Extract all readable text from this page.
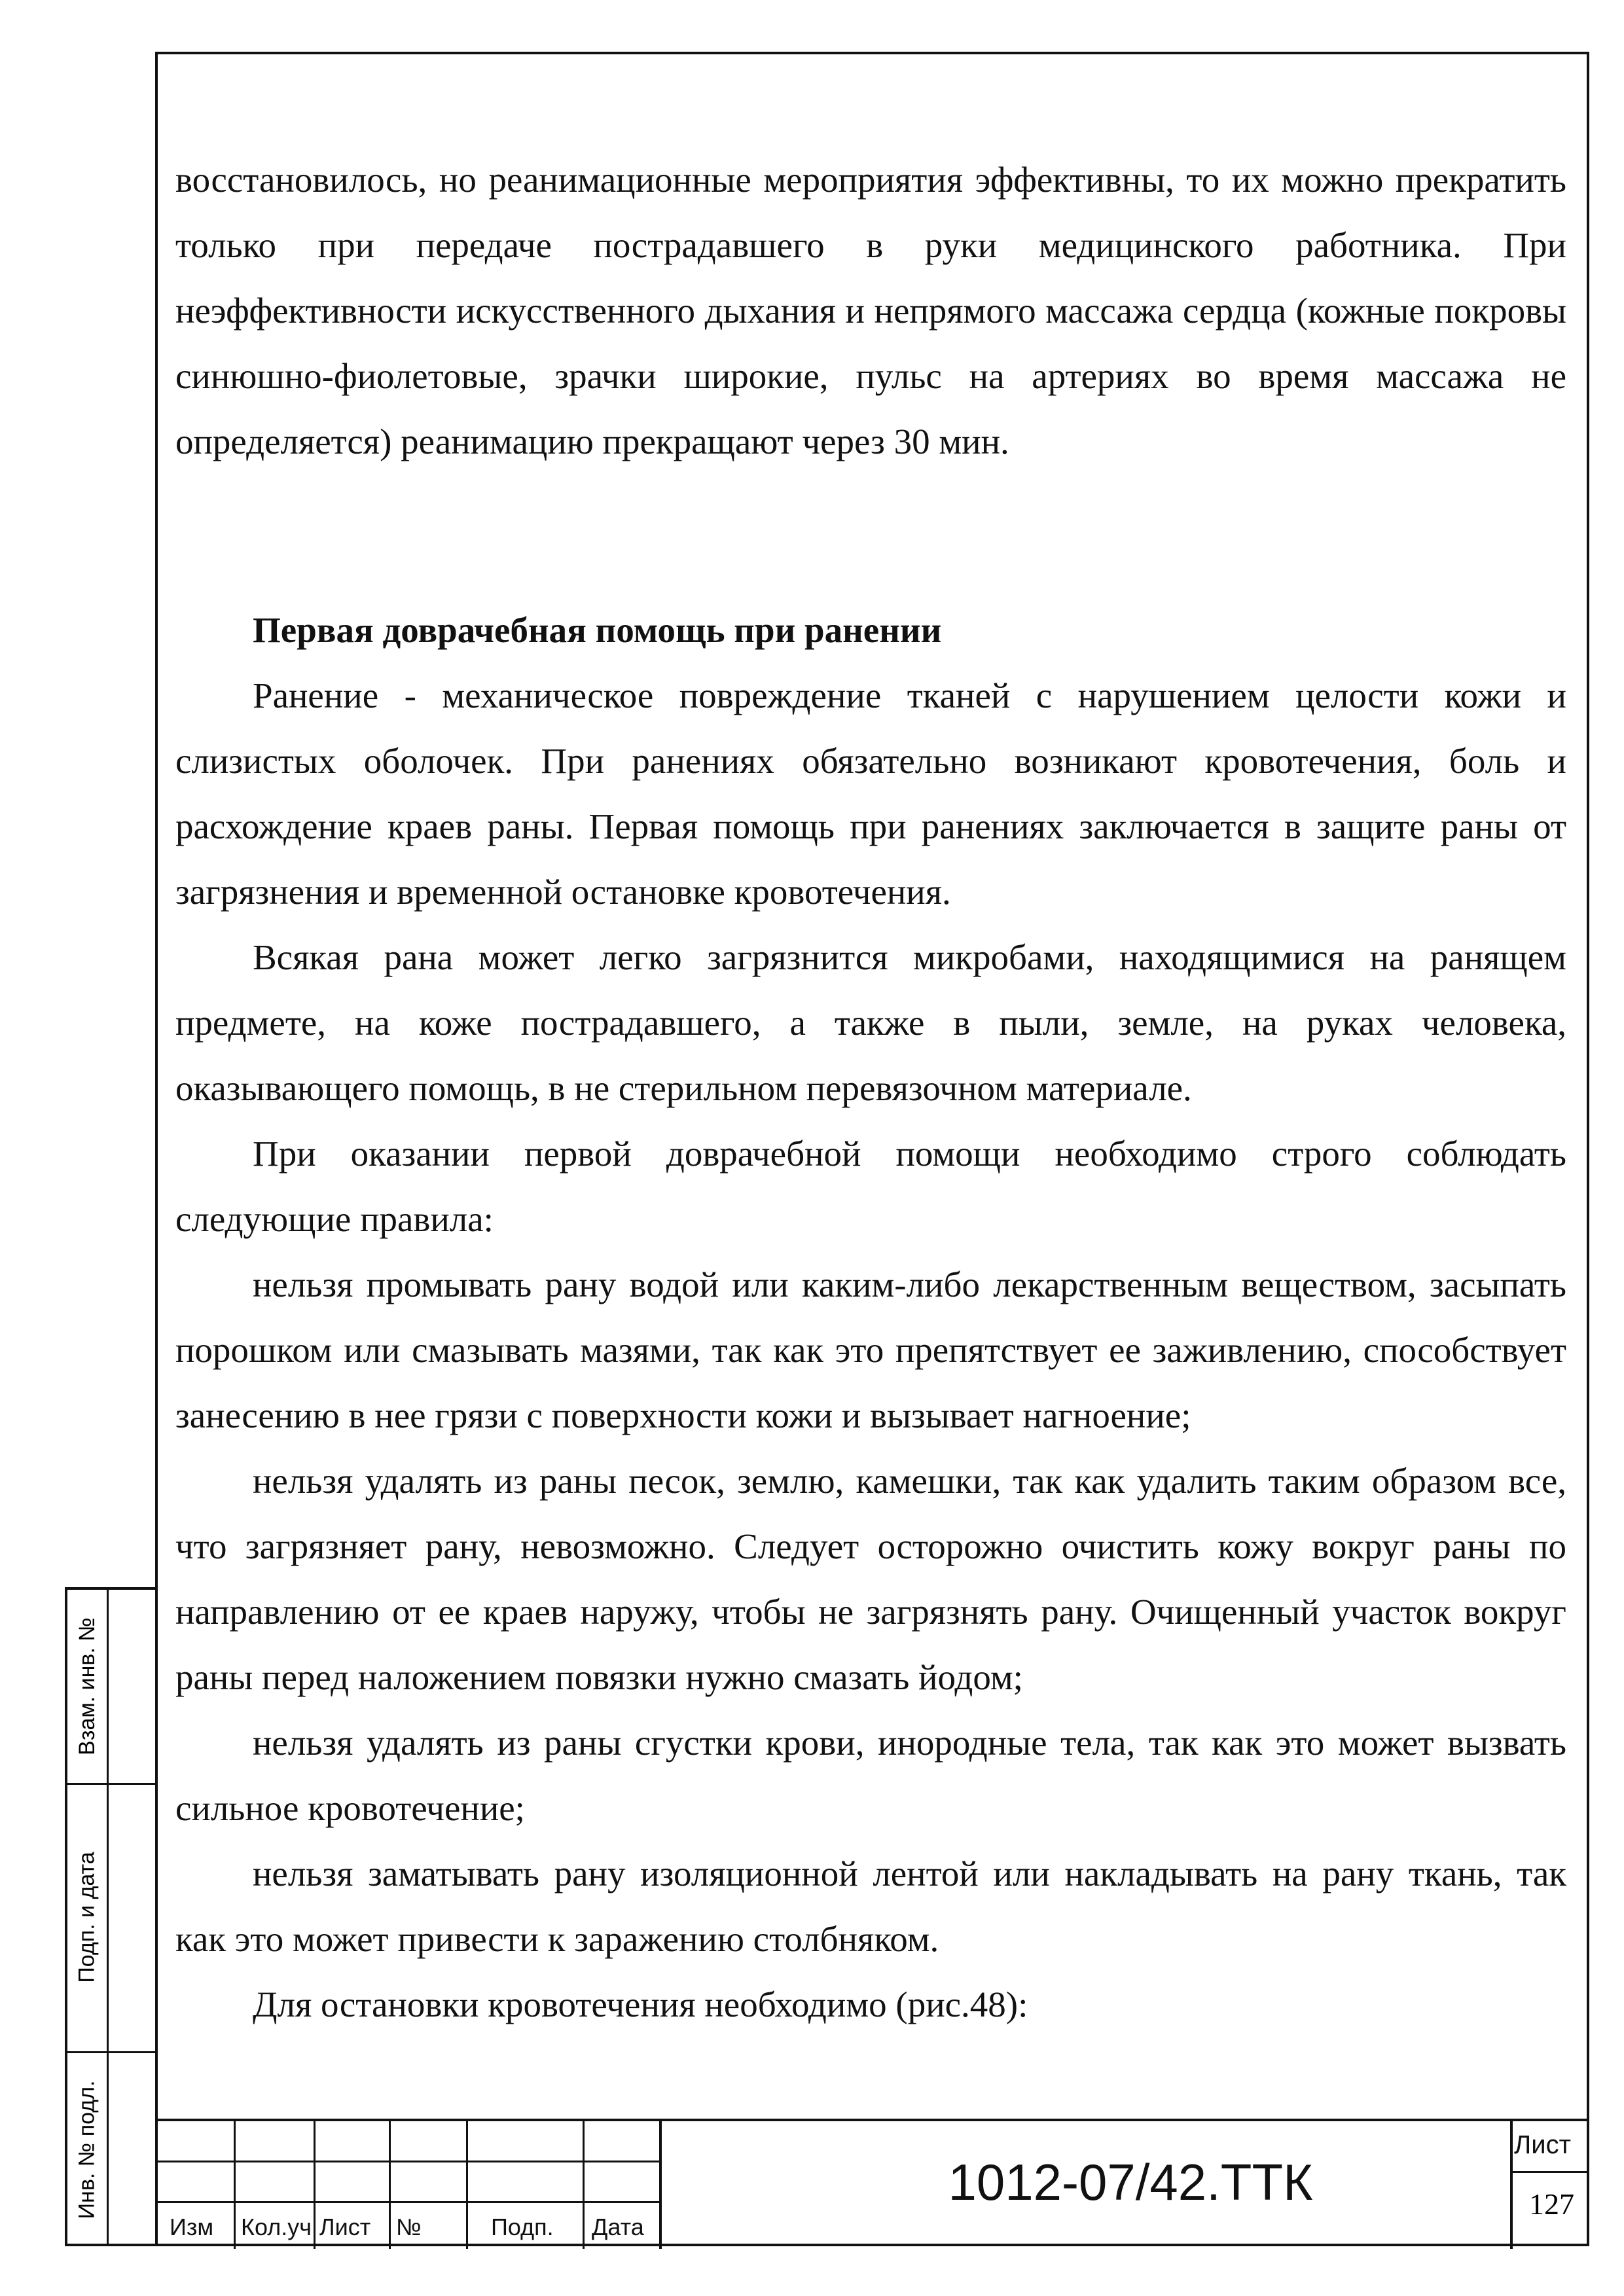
восстановилось, но реанимационные мероприятия эффективны, то их можно прекратить только при передаче пострадавшего в руки медицинского работника. При неэффективности искусственного дыхания и непрямого массажа сердца (кожные покровы синюшно-фиолетовые, зрачки широкие, пульс на артериях во время массажа не определяется) реанимацию прекращают через 30 мин.

Первая доврачебная помощь при ранении

Ранение - механическое повреждение тканей с нарушением целости кожи и слизистых оболочек. При ранениях обязательно возникают кровотечения, боль и расхождение краев раны. Первая помощь при ранениях заключается в защите раны от загрязнения и временной остановке кровотечения.

Всякая рана может легко загрязнится микробами, находящимися на ранящем предмете, на коже пострадавшего, а также в пыли, земле, на руках человека, оказывающего помощь, в не стерильном перевязочном материале.

При оказании первой доврачебной помощи необходимо строго соблюдать следующие правила:

нельзя промывать рану водой или каким-либо лекарственным веществом, засыпать порошком или смазывать мазями, так как это препятствует ее заживлению, способствует занесению в нее грязи с поверхности кожи и вызывает нагноение;

нельзя удалять из раны песок, землю, камешки, так как удалить таким образом все, что загрязняет рану, невозможно. Следует осторожно очистить кожу вокруг раны по направлению от ее краев наружу, чтобы не загрязнять рану. Очищенный участок вокруг раны перед наложением повязки нужно смазать йодом;

нельзя удалять из раны сгустки крови, инородные тела, так как это может вызвать сильное кровотечение;

нельзя заматывать рану изоляционной лентой или накладывать на рану ткань, так как это может привести к заражению столбняком.

Для остановки кровотечения необходимо (рис.48):

Взам. инв. №
Подп. и дата
Инв. № подл.
Изм Кол.уч Лист №	Подп. Дата
1012-07/42.ТТК
Лист
127
